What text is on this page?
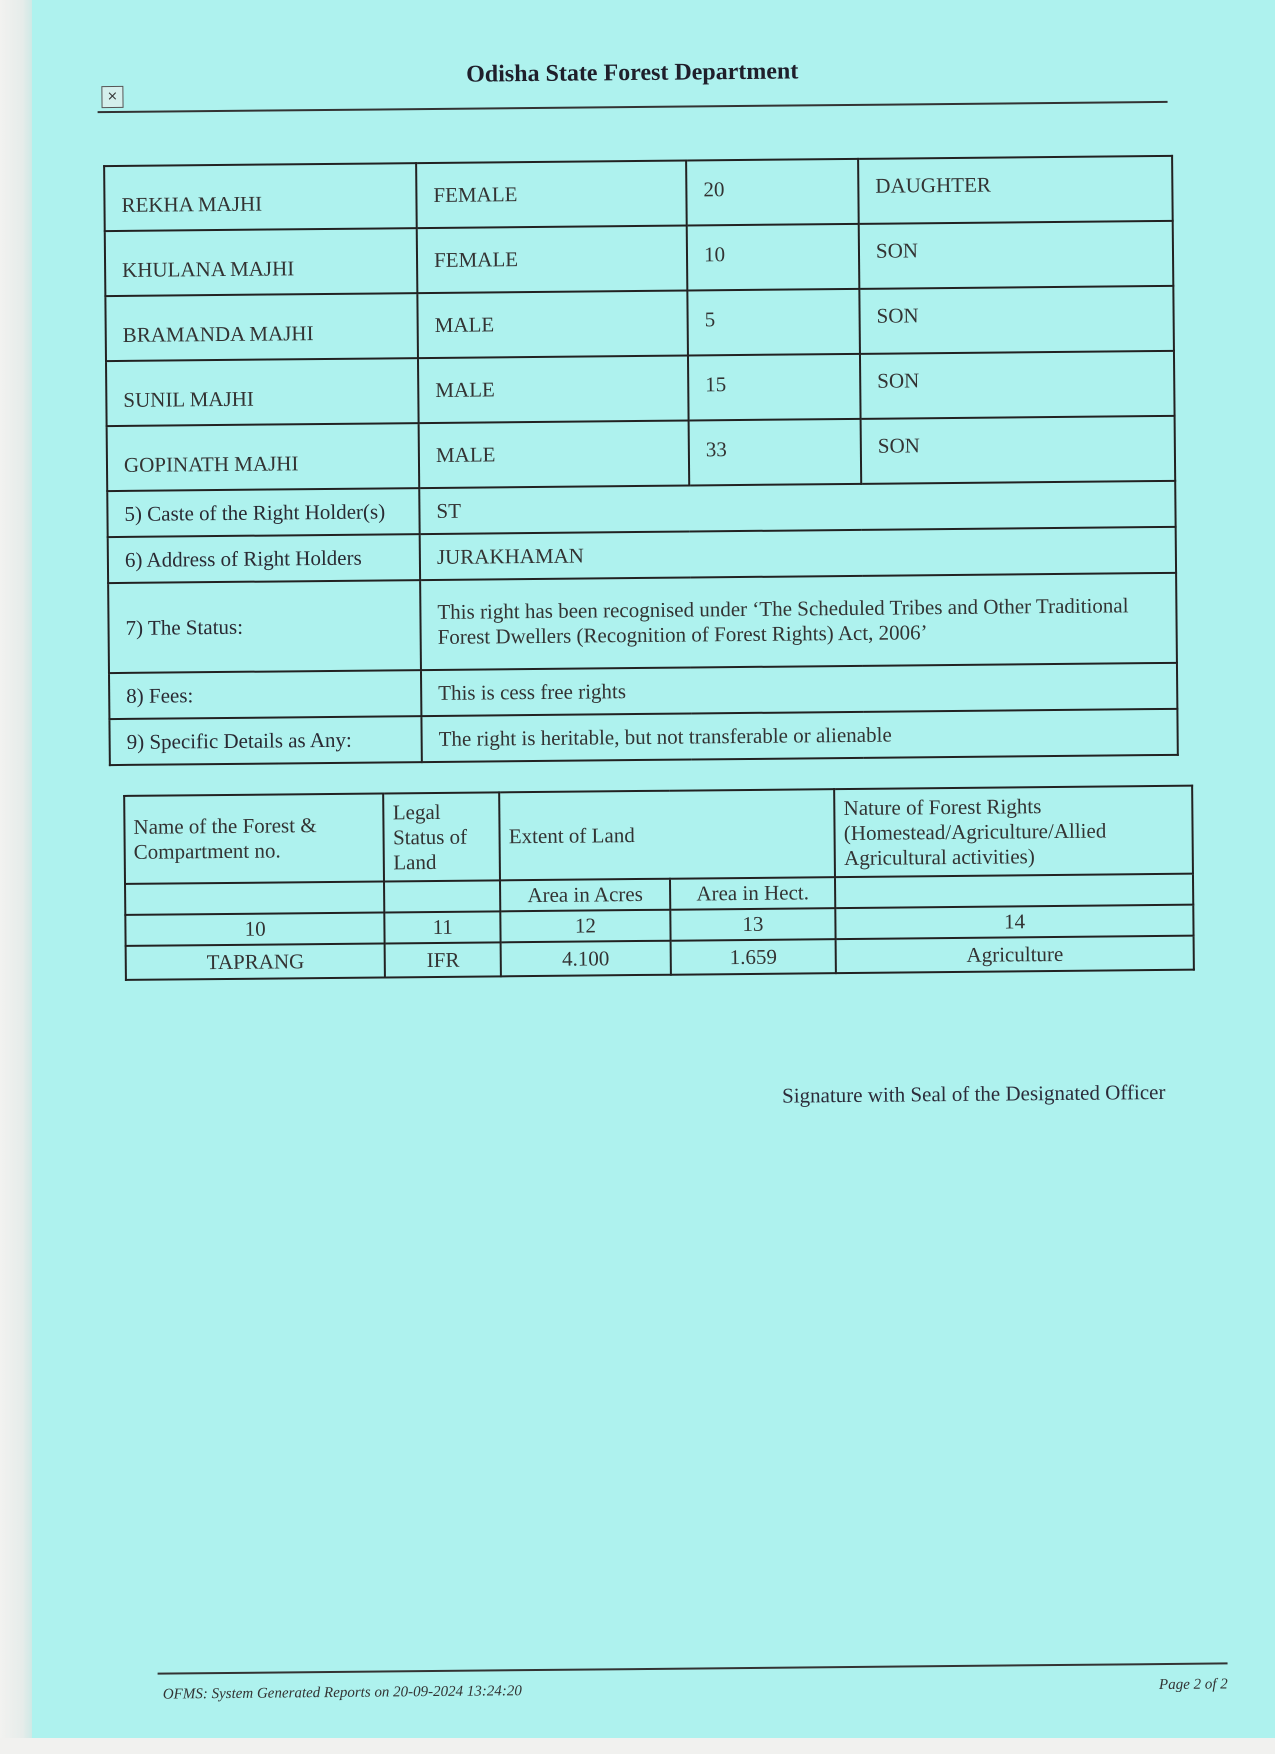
×
Odisha State Forest Department
REKHA MAJHI	FEMALE	20	DAUGHTER
KHULANA MAJHI	FEMALE	10	SON
BRAMANDA MAJHI	MALE	5	SON
SUNIL MAJHI	MALE	15	SON
GOPINATH MAJHI	MALE	33	SON
5) Caste of the Right Holder(s)	ST		
6) Address of Right Holders	JURAKHAMAN		
7) The Status:	This right has been recognised under ‘The Scheduled Tribes and Other Traditional
Forest Dwellers (Recognition of Forest Rights) Act, 2006’		

8) Fees:	This is cess free rights		
9) Specific Details as Any:	The right is heritable, but not transferable or alienable		
Name of the Forest & Compartment no.	Legal Status of Land	Extent of Land		Nature of Forest Rights (Homestead/Agriculture/Allied Agricultural activities)
		Area in Acres	Area in Hect.	
10	11	12	13	14
TAPRANG	IFR	4.100	1.659	Agriculture
Signature with Seal of the Designated Officer
OFMS: System Generated Reports on 20-09-2024 13:24:20	Page 2 of 2
